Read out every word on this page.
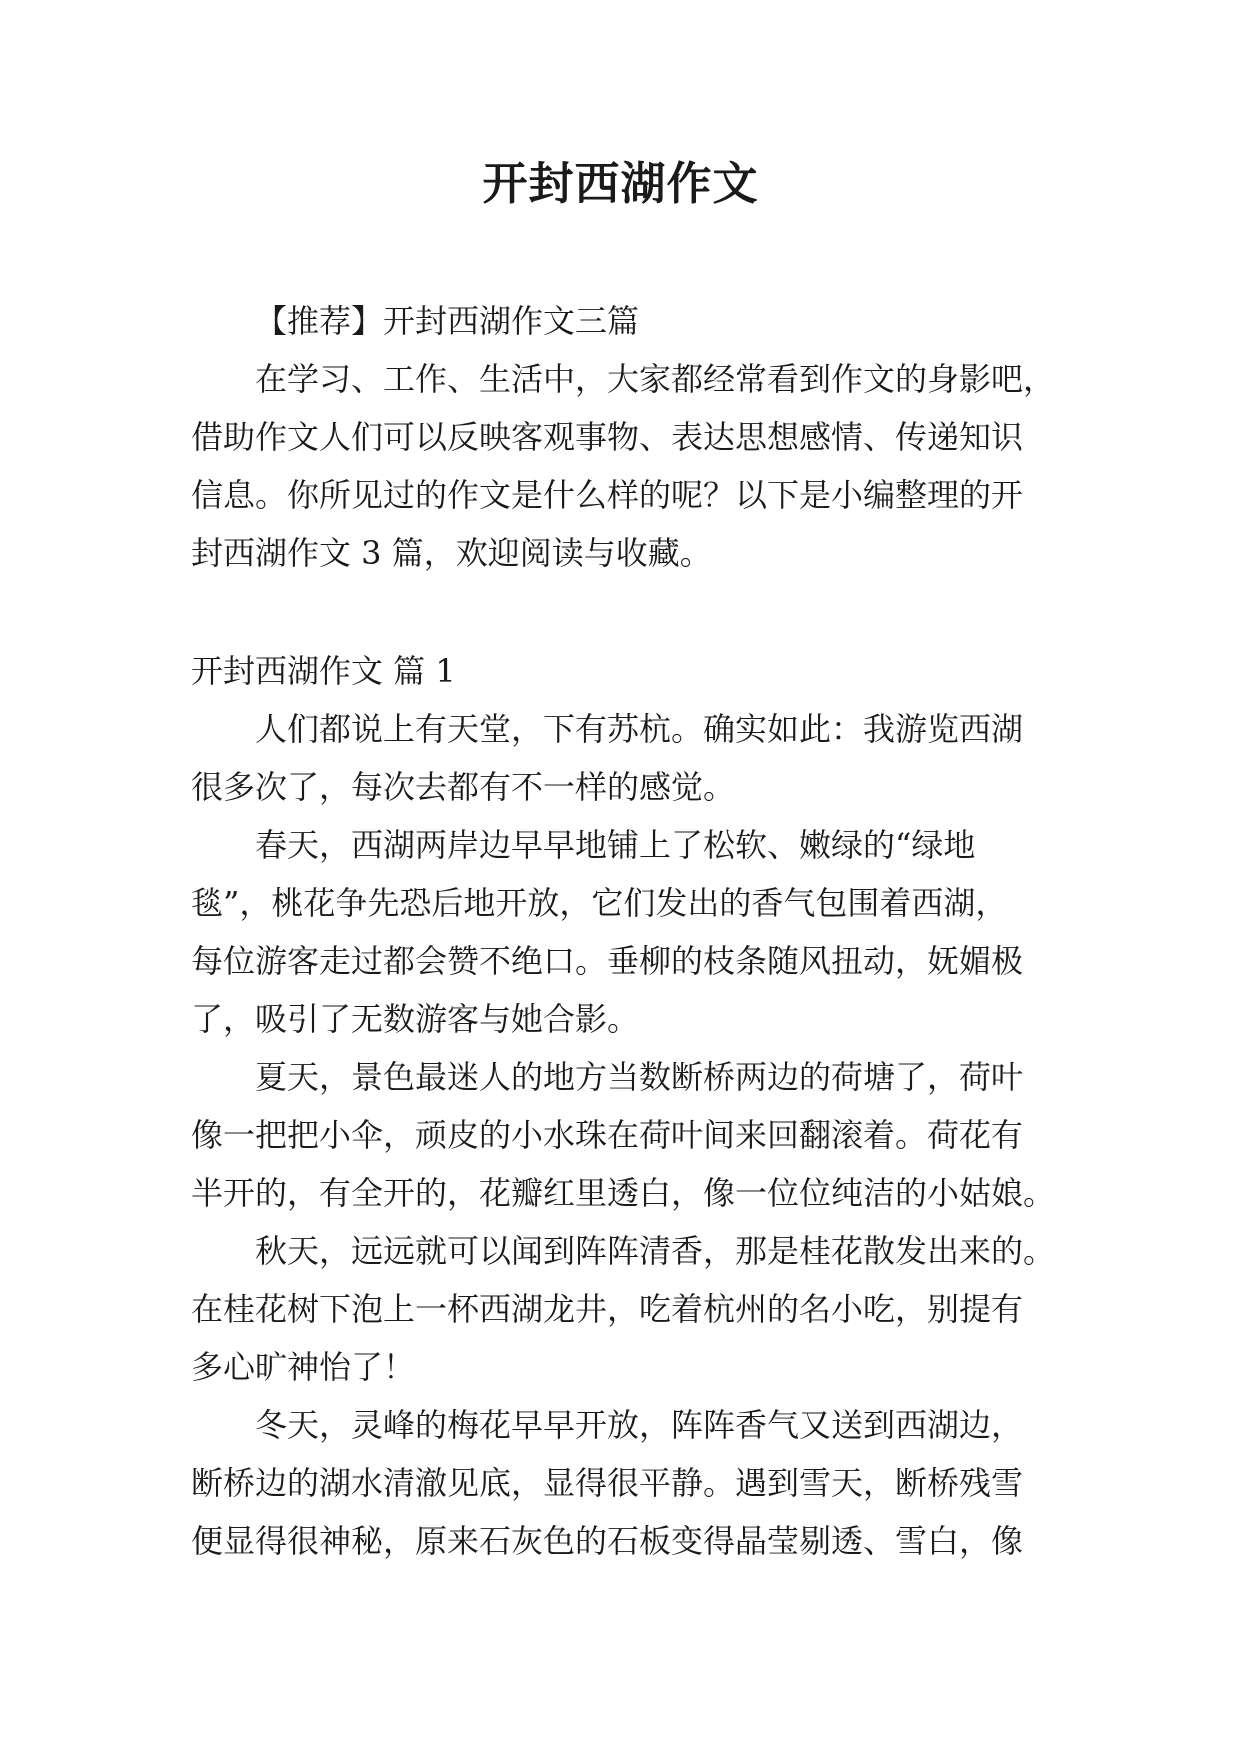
开封西湖作文
【推荐】开封西湖作文三篇
在学习、工作、生活中，大家都经常看到作文的身影吧，
借助作文人们可以反映客观事物、表达思想感情、传递知识
信息。你所见过的作文是什么样的呢？以下是小编整理的开
封西湖作文 3 篇，欢迎阅读与收藏。
开封西湖作文 篇 1
人们都说上有天堂，下有苏杭。确实如此：我游览西湖
很多次了，每次去都有不一样的感觉。
春天，西湖两岸边早早地铺上了松软、嫩绿的“绿地
毯”，桃花争先恐后地开放，它们发出的香气包围着西湖，
每位游客走过都会赞不绝口。垂柳的枝条随风扭动，妩媚极
了，吸引了无数游客与她合影。
夏天，景色最迷人的地方当数断桥两边的荷塘了，荷叶
像一把把小伞，顽皮的小水珠在荷叶间来回翻滚着。荷花有
半开的，有全开的，花瓣红里透白，像一位位纯洁的小姑娘。
秋天，远远就可以闻到阵阵清香，那是桂花散发出来的。
在桂花树下泡上一杯西湖龙井，吃着杭州的名小吃，别提有
多心旷神怡了！
冬天，灵峰的梅花早早开放，阵阵香气又送到西湖边，
断桥边的湖水清澈见底，显得很平静。遇到雪天，断桥残雪
便显得很神秘，原来石灰色的石板变得晶莹剔透、雪白，像
